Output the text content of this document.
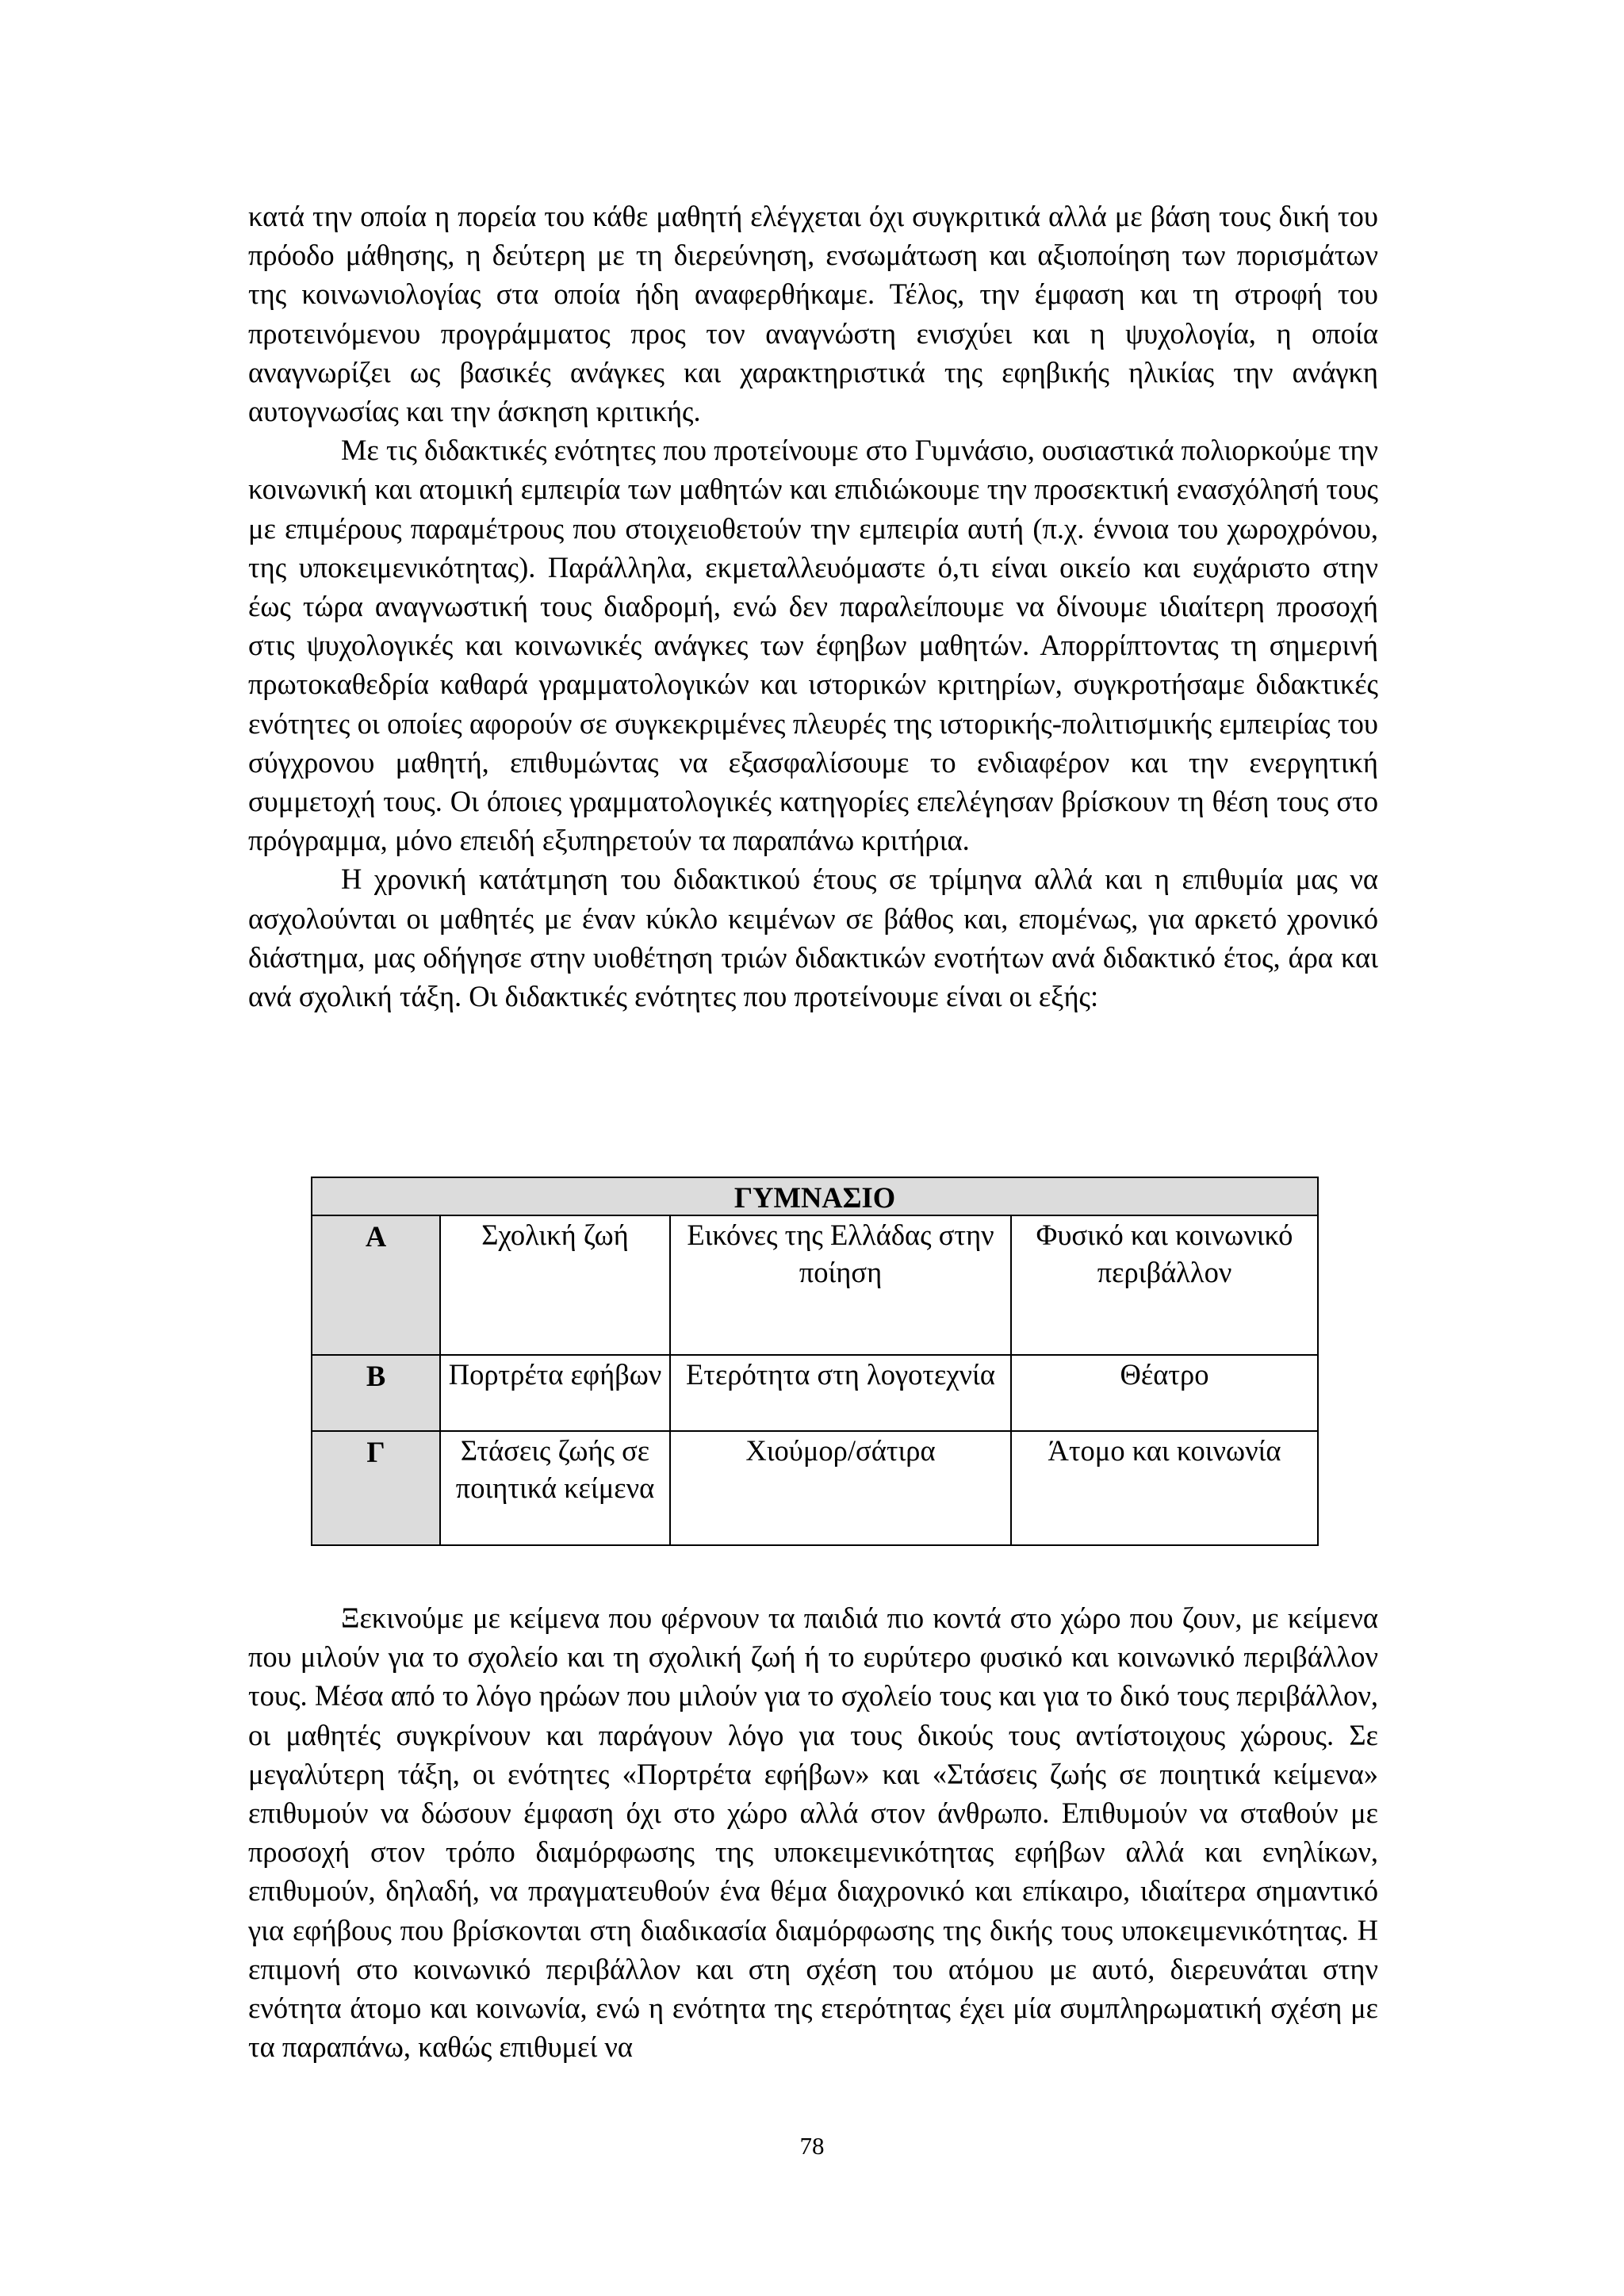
κατά την οποία η πορεία του κάθε μαθητή ελέγχεται όχι συγκριτικά αλλά με βάση τους δική του πρόοδο μάθησης, η δεύτερη με τη διερεύνηση, ενσωμάτωση και αξιοποίηση των πορισμάτων της κοινωνιολογίας στα οποία ήδη αναφερθήκαμε. Τέλος, την έμφαση και τη στροφή του προτεινόμενου προγράμματος προς τον αναγνώστη ενισχύει και η ψυχολογία, η οποία αναγνωρίζει ως βασικές ανάγκες και χαρακτηριστικά της εφηβικής ηλικίας την ανάγκη αυτογνωσίας και την άσκηση κριτικής.

Με τις διδακτικές ενότητες που προτείνουμε στο Γυμνάσιο, ουσιαστικά πολιορκούμε την κοινωνική και ατομική εμπειρία των μαθητών και επιδιώκουμε την προσεκτική ενασχόλησή τους με επιμέρους παραμέτρους που στοιχειοθετούν την εμπειρία αυτή (π.χ. έννοια του χωροχρόνου, της υποκειμενικότητας). Παράλληλα, εκμεταλλευόμαστε ό,τι είναι οικείο και ευχάριστο στην έως τώρα αναγνωστική τους διαδρομή, ενώ δεν παραλείπουμε να δίνουμε ιδιαίτερη προσοχή στις ψυχολογικές και κοινωνικές ανάγκες των έφηβων μαθητών. Απορρίπτοντας τη σημερινή πρωτοκαθεδρία καθαρά γραμματολογικών και ιστορικών κριτηρίων, συγκροτήσαμε διδακτικές ενότητες οι οποίες αφορούν σε συγκεκριμένες πλευρές της ιστορικής-πολιτισμικής εμπειρίας του σύγχρονου μαθητή, επιθυμώντας να εξασφαλίσουμε το ενδιαφέρον και την ενεργητική συμμετοχή τους. Οι όποιες γραμματολογικές κατηγορίες επελέγησαν βρίσκουν τη θέση τους στο πρόγραμμα, μόνο επειδή εξυπηρετούν τα παραπάνω κριτήρια.

Η χρονική κατάτμηση του διδακτικού έτους σε τρίμηνα αλλά και η επιθυμία μας να ασχολούνται οι μαθητές με έναν κύκλο κειμένων σε βάθος και, επομένως, για αρκετό χρονικό διάστημα, μας οδήγησε στην υιοθέτηση τριών διδακτικών ενοτήτων ανά διδακτικό έτος, άρα και ανά σχολική τάξη. Οι διδακτικές ενότητες που προτείνουμε είναι οι εξής:

ΓΥΜΝΑΣΙΟ			
Α	Σχολική ζωή	Εικόνες της Ελλάδας στην ποίηση	Φυσικό και κοινωνικό περιβάλλον
Β	Πορτρέτα εφήβων	Ετερότητα στη λογοτεχνία	Θέατρο
Γ	Στάσεις ζωής σε ποιητικά κείμενα	Χιούμορ/σάτιρα	Άτομο και κοινωνία

Ξεκινούμε με κείμενα που φέρνουν τα παιδιά πιο κοντά στο χώρο που ζουν, με κείμενα που μιλούν για το σχολείο και τη σχολική ζωή ή το ευρύτερο φυσικό και κοινωνικό περιβάλλον τους. Μέσα από το λόγο ηρώων που μιλούν για το σχολείο τους και για το δικό τους περιβάλλον, οι μαθητές συγκρίνουν και παράγουν λόγο για τους δικούς τους αντίστοιχους χώρους. Σε μεγαλύτερη τάξη, οι ενότητες «Πορτρέτα εφήβων» και «Στάσεις ζωής σε ποιητικά κείμενα» επιθυμούν να δώσουν έμφαση όχι στο χώρο αλλά στον άνθρωπο. Επιθυμούν να σταθούν με προσοχή στον τρόπο διαμόρφωσης της υποκειμενικότητας εφήβων αλλά και ενηλίκων, επιθυμούν, δηλαδή, να πραγματευθούν ένα θέμα διαχρονικό και επίκαιρο, ιδιαίτερα σημαντικό για εφήβους που βρίσκονται στη διαδικασία διαμόρφωσης της δικής τους υποκειμενικότητας. Η επιμονή στο κοινωνικό περιβάλλον και στη σχέση του ατόμου με αυτό, διερευνάται στην ενότητα άτομο και κοινωνία, ενώ η ενότητα της ετερότητας έχει μία συμπληρωματική σχέση με τα παραπάνω, καθώς επιθυμεί να

78
